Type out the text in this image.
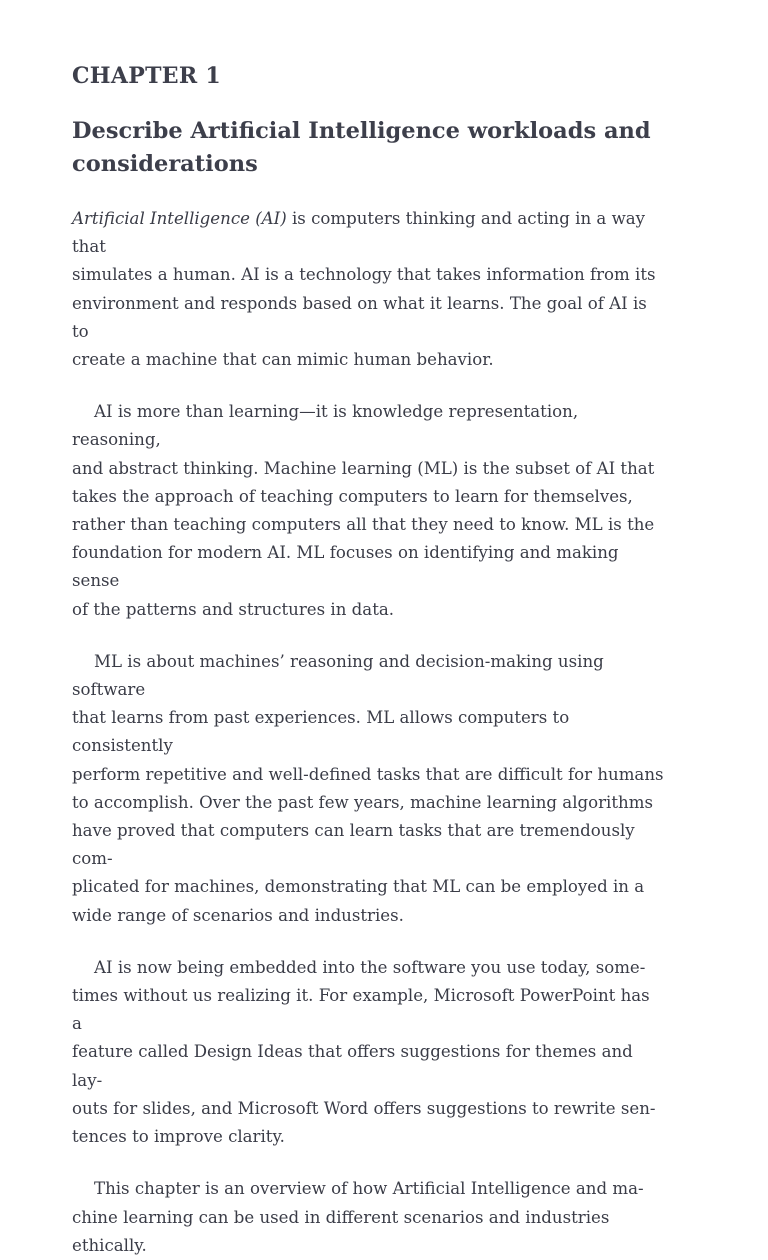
CHAPTER 1
Describe Artificial Intelligence workloads and
considerations

Artificial Intelligence (AI) is computers thinking and acting in a way that
simulates a human. AI is a technology that takes information from its
environment and responds based on what it learns. The goal of AI is to
create a machine that can mimic human behavior.

AI is more than learning—it is knowledge representation, reasoning,
and abstract thinking. Machine learning (ML) is the subset of AI that
takes the approach of teaching computers to learn for themselves,
rather than teaching computers all that they need to know. ML is the
foundation for modern AI. ML focuses on identifying and making sense
of the patterns and structures in data.

ML is about machines’ reasoning and decision-making using software
that learns from past experiences. ML allows computers to consistently
perform repetitive and well-defined tasks that are difficult for humans
to accomplish. Over the past few years, machine learning algorithms
have proved that computers can learn tasks that are tremendously com-
plicated for machines, demonstrating that ML can be employed in a
wide range of scenarios and industries.

AI is now being embedded into the software you use today, some-
times without us realizing it. For example, Microsoft PowerPoint has a
feature called Design Ideas that offers suggestions for themes and lay-
outs for slides, and Microsoft Word offers suggestions to rewrite sen-
tences to improve clarity.

This chapter is an overview of how Artificial Intelligence and ma-
chine learning can be used in different scenarios and industries
ethically.
